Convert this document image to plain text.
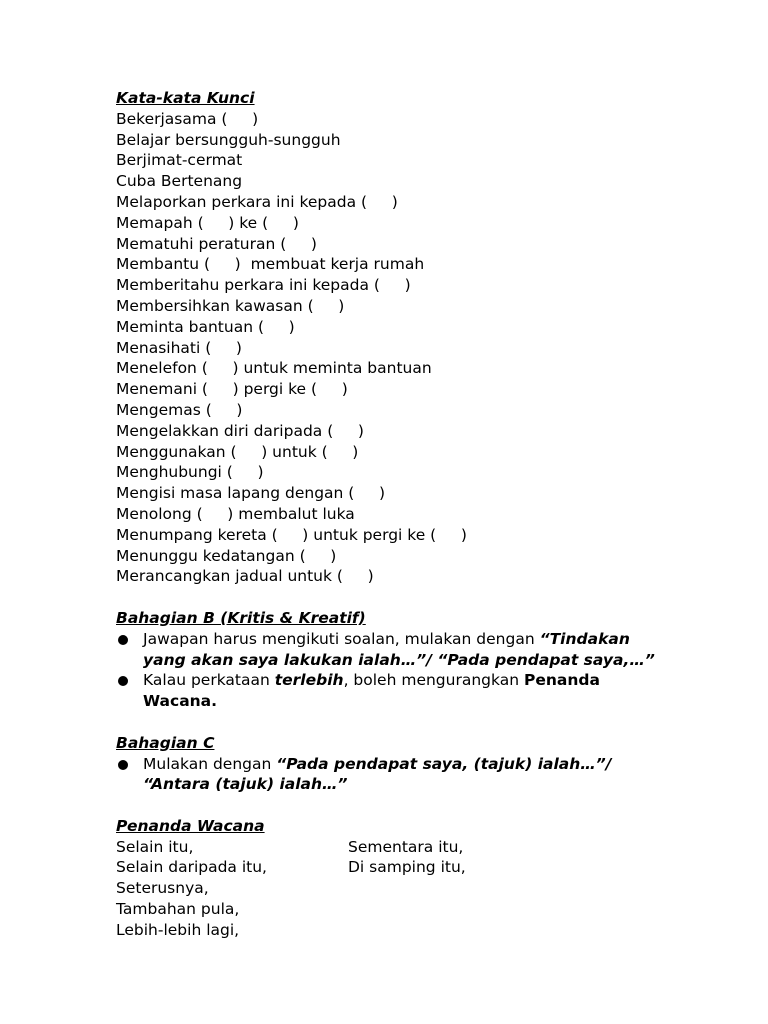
Kata-kata Kunci
Bekerjasama (     )
Belajar bersungguh-sungguh
Berjimat-cermat
Cuba Bertenang
Melaporkan perkara ini kepada (     )
Memapah (     ) ke (     )
Mematuhi peraturan (     )
Membantu (     )  membuat kerja rumah
Memberitahu perkara ini kepada (     )
Membersihkan kawasan (     )
Meminta bantuan (     )
Menasihati (     )
Menelefon (     ) untuk meminta bantuan
Menemani (     ) pergi ke (     )
Mengemas (     )
Mengelakkan diri daripada (     )
Menggunakan (     ) untuk (     )
Menghubungi (     )
Mengisi masa lapang dengan (     )
Menolong (     ) membalut luka
Menumpang kereta (     ) untuk pergi ke (     )
Menunggu kedatangan (     )
Merancangkan jadual untuk (     )
Bahagian B (Kritis & Kreatif)
Jawapan harus mengikuti soalan, mulakan dengan “Tindakan yang akan saya lakukan ialah…”/ “Pada pendapat saya,…”
Kalau perkataan terlebih, boleh mengurangkan Penanda Wacana.
Bahagian C
Mulakan dengan “Pada pendapat saya, (tajuk) ialah…”/ “Antara (tajuk) ialah…”
Penanda Wacana
Selain itu,
Selain daripada itu,
Seterusnya,
Tambahan pula,
Lebih-lebih lagi,
Sementara itu,
Di samping itu,
